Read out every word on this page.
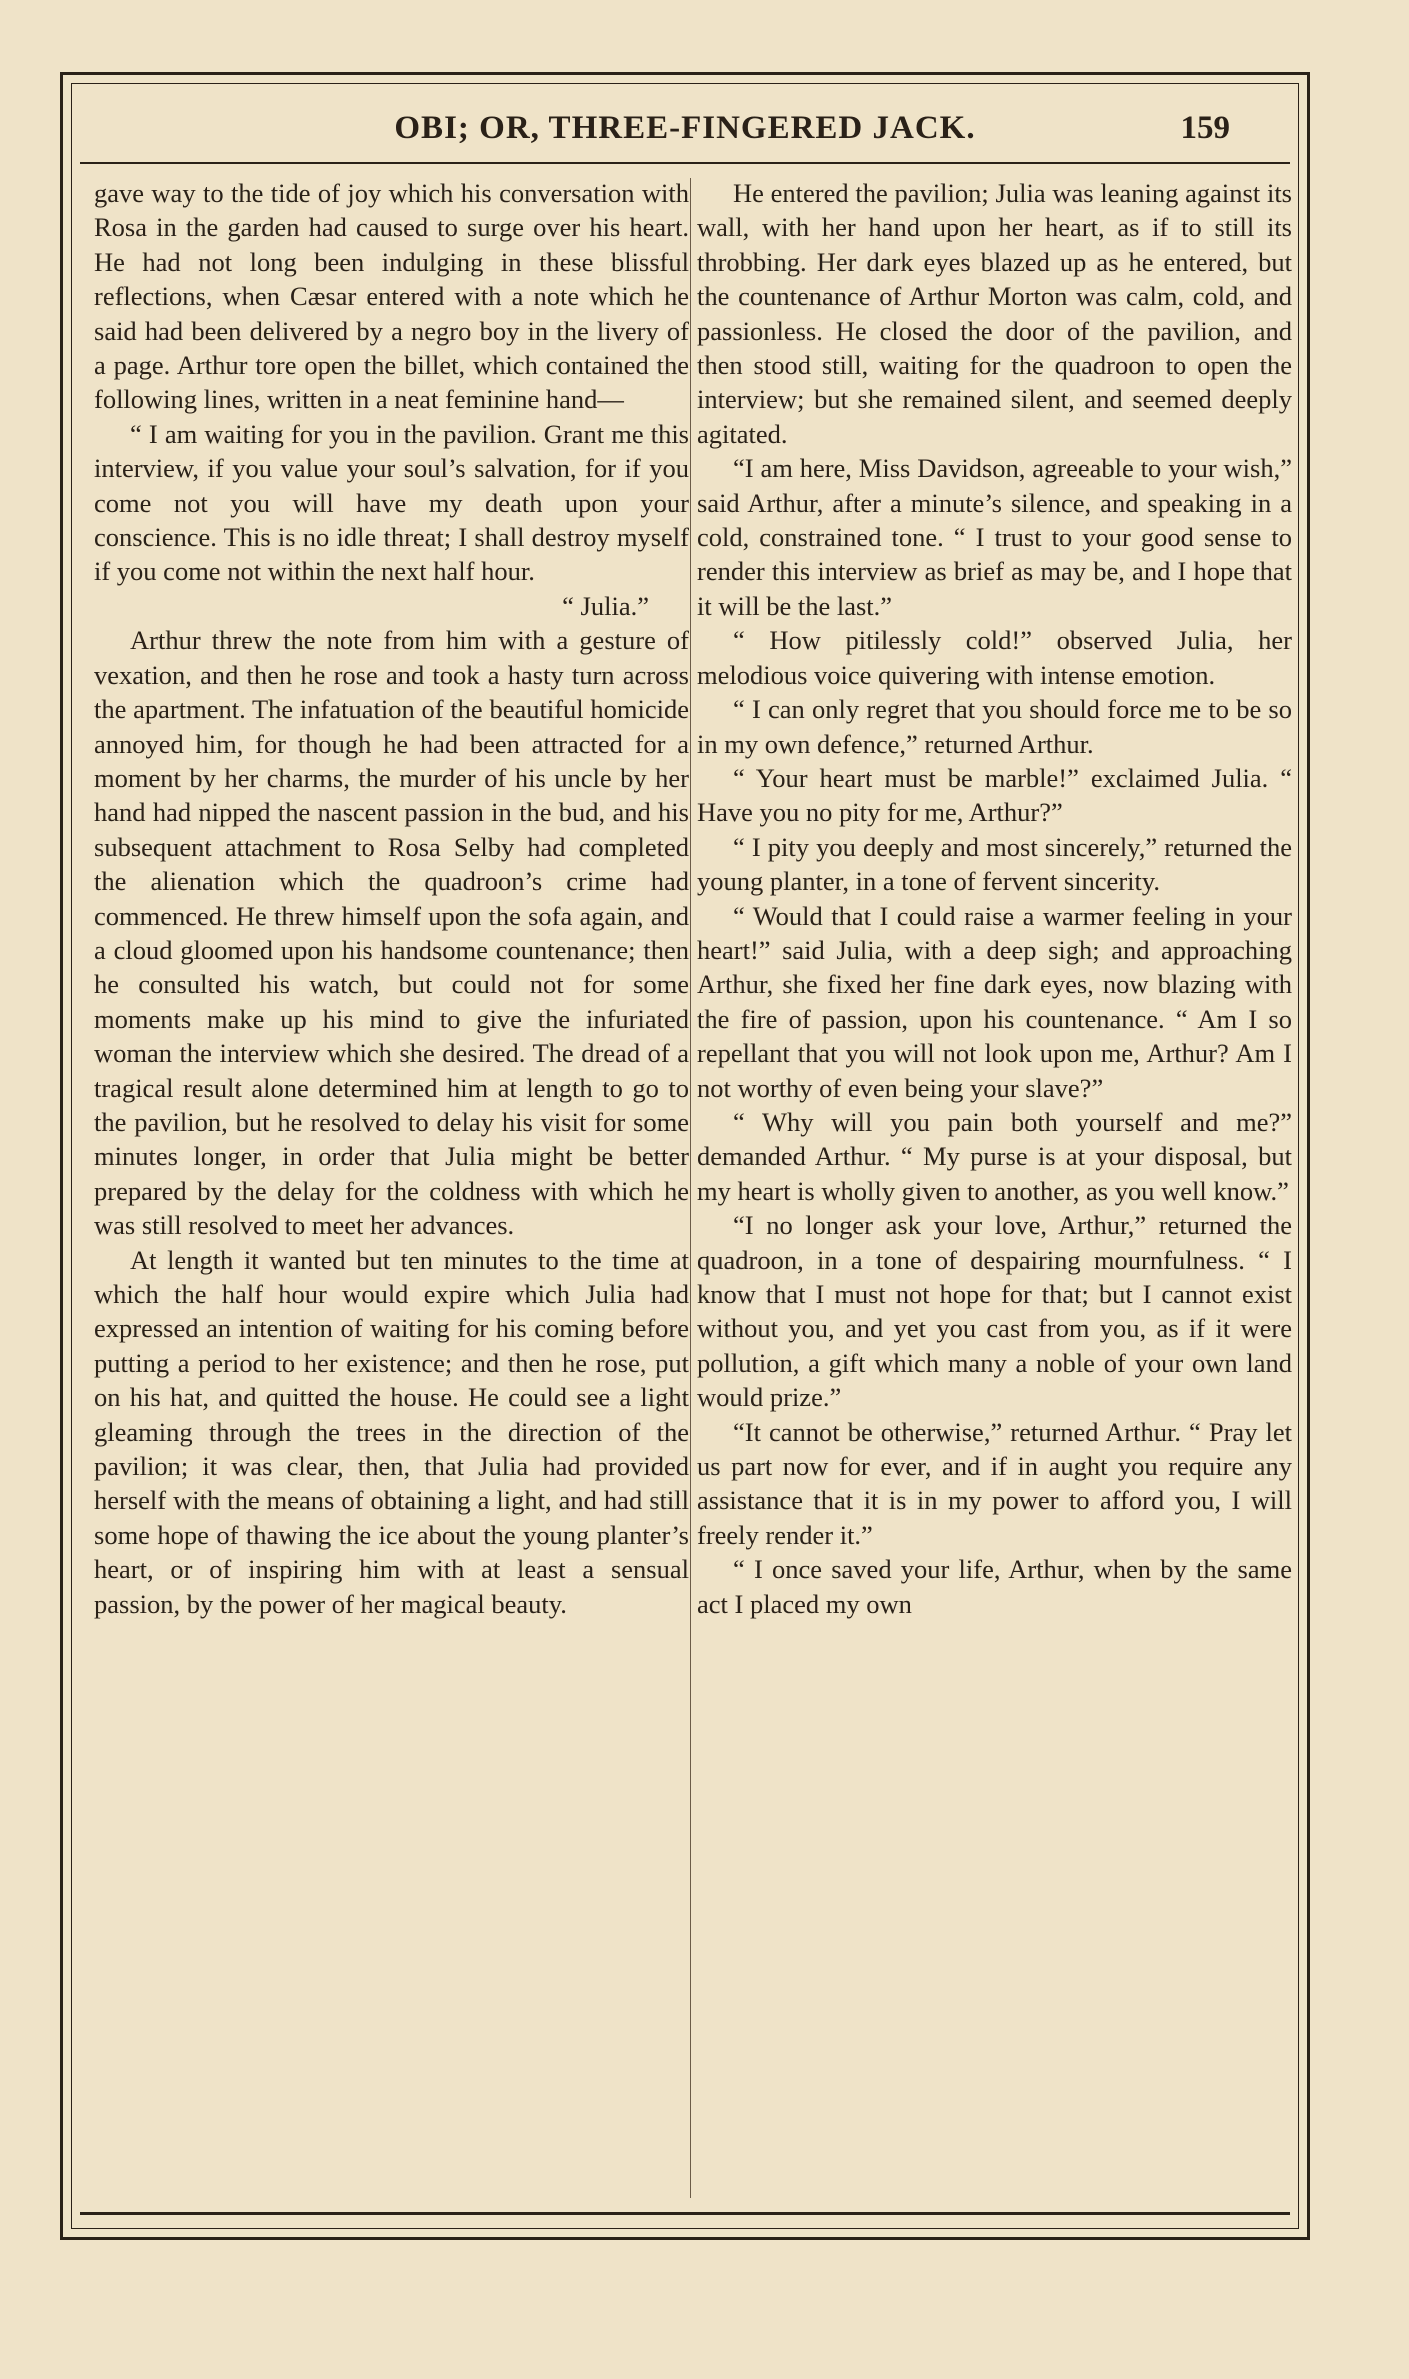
OBI; OR, THREE-FINGERED JACK.	159

gave way to the tide of joy which his conversation with Rosa in the garden had caused to surge over his heart. He had not long been indulging in these blissful reflections, when Cæsar entered with a note which he said had been delivered by a negro boy in the livery of a page. Arthur tore open the billet, which contained the following lines, written in a neat feminine hand—

“ I am waiting for you in the pavilion. Grant me this interview, if you value your soul’s salvation, for if you come not you will have my death upon your conscience. This is no idle threat; I shall destroy myself if you come not within the next half hour.

“ Julia.”

Arthur threw the note from him with a gesture of vexation, and then he rose and took a hasty turn across the apartment. The infatuation of the beautiful homicide annoyed him, for though he had been attracted for a moment by her charms, the murder of his uncle by her hand had nipped the nascent passion in the bud, and his subsequent attachment to Rosa Selby had completed the alienation which the quadroon’s crime had commenced. He threw himself upon the sofa again, and a cloud gloomed upon his handsome countenance; then he consulted his watch, but could not for some moments make up his mind to give the infuriated woman the interview which she desired. The dread of a tragical result alone determined him at length to go to the pavilion, but he resolved to delay his visit for some minutes longer, in order that Julia might be better prepared by the delay for the coldness with which he was still resolved to meet her advances.

At length it wanted but ten minutes to the time at which the half hour would expire which Julia had expressed an intention of waiting for his coming before putting a period to her existence; and then he rose, put on his hat, and quitted the house. He could see a light gleaming through the trees in the direction of the pavilion; it was clear, then, that Julia had provided herself with the means of obtaining a light, and had still some hope of thawing the ice about the young planter’s heart, or of inspiring him with at least a sensual passion, by the power of her magical beauty.

He entered the pavilion; Julia was leaning against its wall, with her hand upon her heart, as if to still its throbbing. Her dark eyes blazed up as he entered, but the countenance of Arthur Morton was calm, cold, and passionless. He closed the door of the pavilion, and then stood still, waiting for the quadroon to open the interview; but she remained silent, and seemed deeply agitated.

“I am here, Miss Davidson, agreeable to your wish,” said Arthur, after a minute’s silence, and speaking in a cold, constrained tone. “ I trust to your good sense to render this interview as brief as may be, and I hope that it will be the last.”

“ How pitilessly cold!” observed Julia, her melodious voice quivering with intense emotion.

“ I can only regret that you should force me to be so in my own defence,” returned Arthur.

“ Your heart must be marble!” exclaimed Julia. “ Have you no pity for me, Arthur?”

“ I pity you deeply and most sincerely,” returned the young planter, in a tone of fervent sincerity.

“ Would that I could raise a warmer feeling in your heart!” said Julia, with a deep sigh; and approaching Arthur, she fixed her fine dark eyes, now blazing with the fire of passion, upon his countenance. “ Am I so repellant that you will not look upon me, Arthur? Am I not worthy of even being your slave?”

“ Why will you pain both yourself and me?” demanded Arthur. “ My purse is at your disposal, but my heart is wholly given to another, as you well know.”

“I no longer ask your love, Arthur,” returned the quadroon, in a tone of despairing mournfulness. “ I know that I must not hope for that; but I cannot exist without you, and yet you cast from you, as if it were pollution, a gift which many a noble of your own land would prize.”

“It cannot be otherwise,” returned Arthur. “ Pray let us part now for ever, and if in aught you require any assistance that it is in my power to afford you, I will freely render it.”

“ I once saved your life, Arthur, when by the same act I placed my own
